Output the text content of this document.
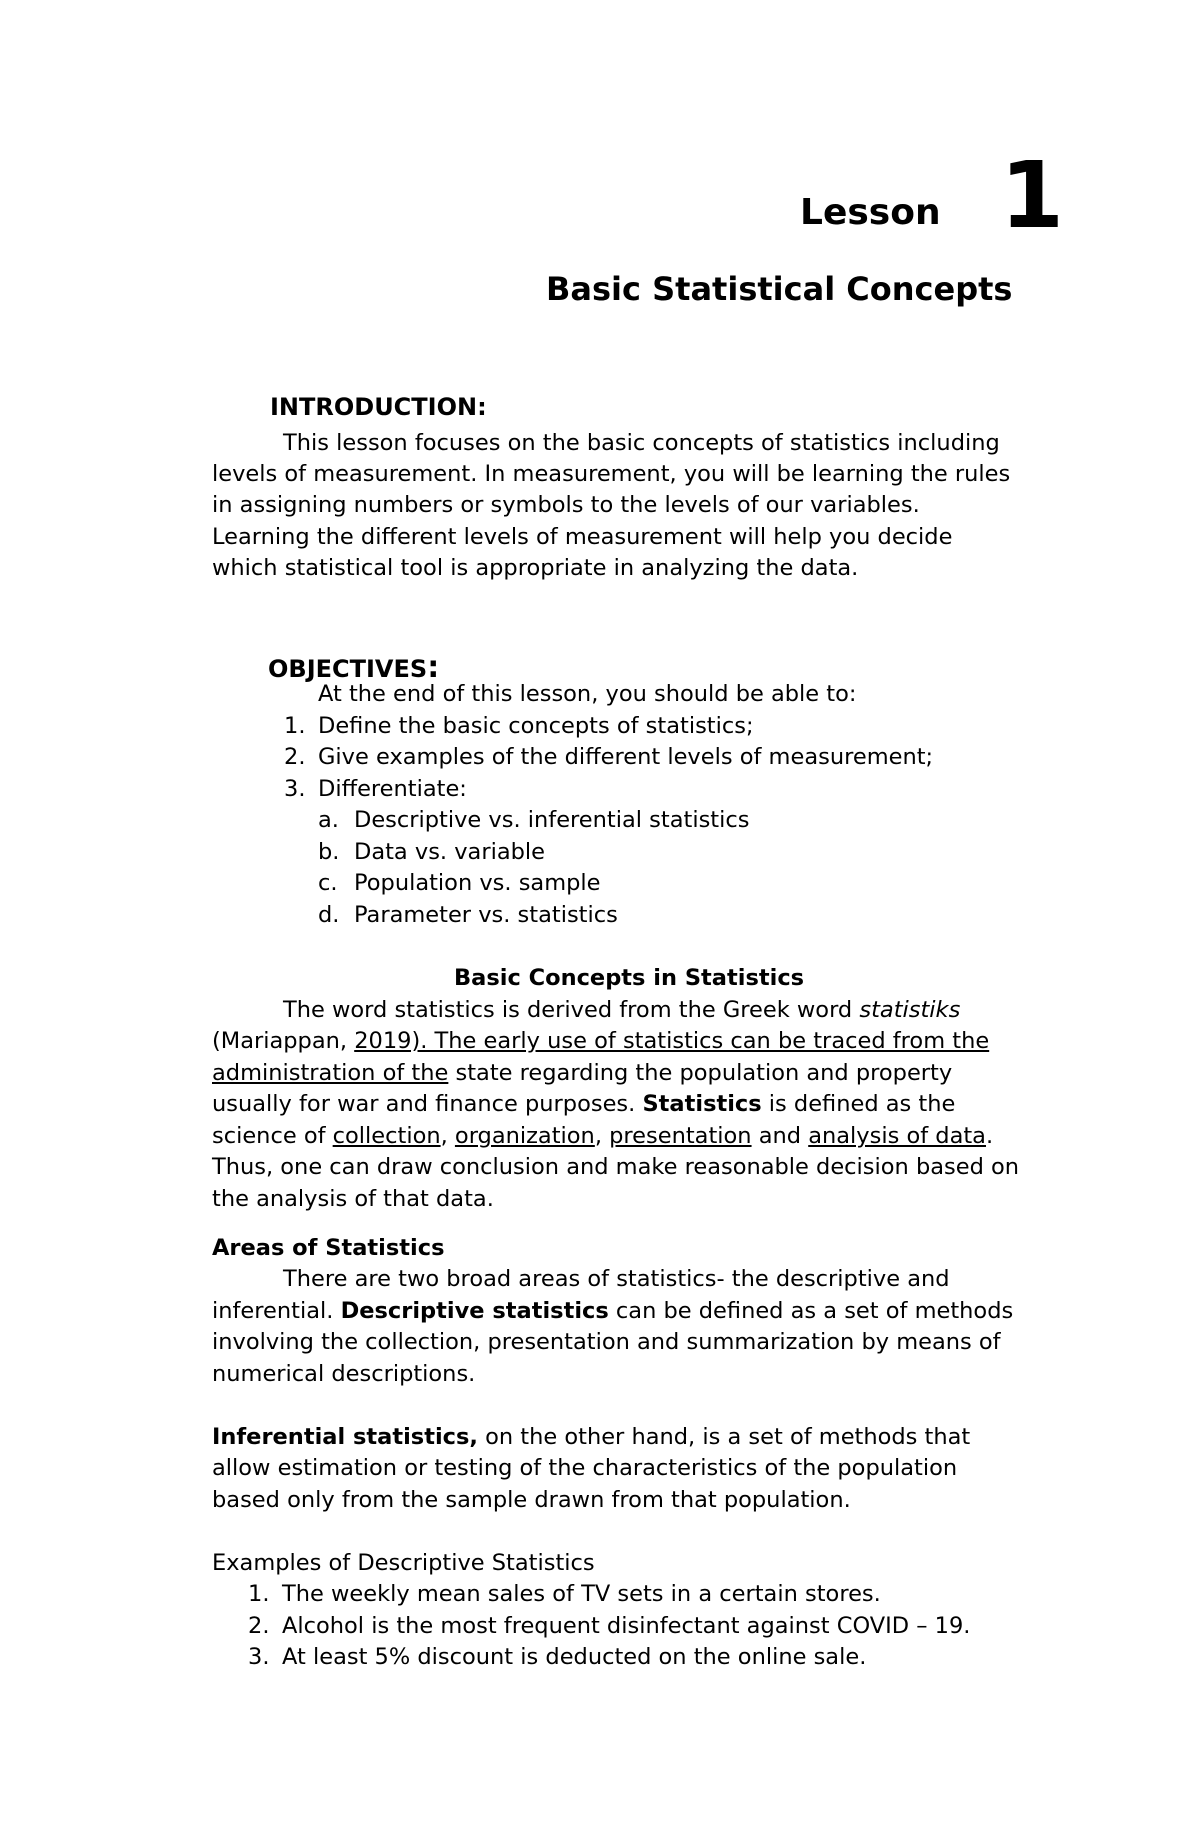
Lesson 1
Basic Statistical Concepts
INTRODUCTION:
This lesson focuses on the basic concepts of statistics including
levels of measurement. In measurement, you will be learning the rules
in assigning numbers or symbols to the levels of our variables.
Learning the different levels of measurement will help you decide
which statistical tool is appropriate in analyzing the data.
OBJECTIVES:
At the end of this lesson, you should be able to:
1. Define the basic concepts of statistics;
2. Give examples of the different levels of measurement;
3. Differentiate:
a. Descriptive vs. inferential statistics
b. Data vs. variable
c. Population vs. sample
d. Parameter vs. statistics
Basic Concepts in Statistics
The word statistics is derived from the Greek word statistiks
(Mariappan, 2019). The early use of statistics can be traced from the
administration of the state regarding the population and property
usually for war and finance purposes. Statistics is defined as the
science of collection, organization, presentation and analysis of data.
Thus, one can draw conclusion and make reasonable decision based on
the analysis of that data.
Areas of Statistics
There are two broad areas of statistics- the descriptive and
inferential. Descriptive statistics can be defined as a set of methods
involving the collection, presentation and summarization by means of
numerical descriptions.
Inferential statistics, on the other hand, is a set of methods that
allow estimation or testing of the characteristics of the population
based only from the sample drawn from that population.
Examples of Descriptive Statistics
1. The weekly mean sales of TV sets in a certain stores.
2. Alcohol is the most frequent disinfectant against COVID – 19.
3. At least 5% discount is deducted on the online sale.
